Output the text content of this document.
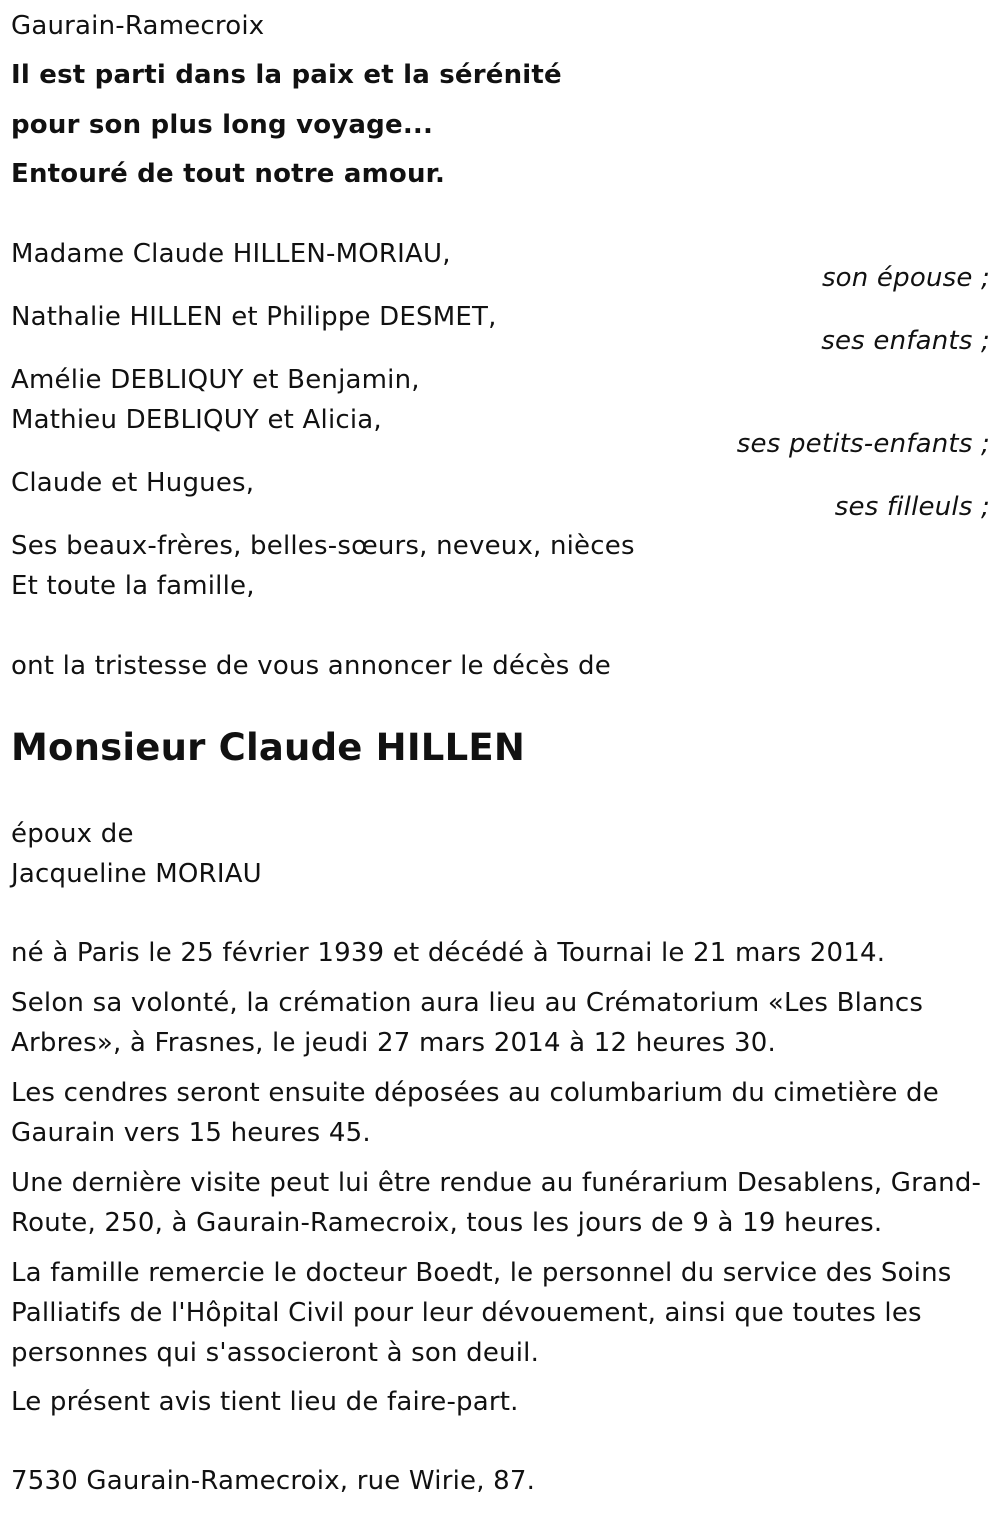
Gaurain-Ramecroix
Il est parti dans la paix et la sérénité
pour son plus long voyage...
Entouré de tout notre amour.
Madame Claude HILLEN-MORIAU,
son épouse ;
Nathalie HILLEN et Philippe DESMET,
ses enfants ;
Amélie DEBLIQUY et Benjamin,
Mathieu DEBLIQUY et Alicia,
ses petits-enfants ;
Claude et Hugues,
ses filleuls ;
Ses beaux-frères, belles-sœurs, neveux, nièces
Et toute la famille,
ont la tristesse de vous annoncer le décès de
Monsieur Claude HILLEN
époux de
Jacqueline MORIAU
né à Paris le 25 février 1939 et décédé à Tournai le 21 mars 2014.
Selon sa volonté, la crémation aura lieu au Crématorium «Les Blancs
Arbres», à Frasnes, le jeudi 27 mars 2014 à 12 heures 30.
Les cendres seront ensuite déposées au columbarium du cimetière de
Gaurain vers 15 heures 45.
Une dernière visite peut lui être rendue au funérarium Desablens, Grand-
Route, 250, à Gaurain-Ramecroix, tous les jours de 9 à 19 heures.
La famille remercie le docteur Boedt, le personnel du service des Soins
Palliatifs de l'Hôpital Civil pour leur dévouement, ainsi que toutes les
personnes qui s'associeront à son deuil.
Le présent avis tient lieu de faire-part.
7530 Gaurain-Ramecroix, rue Wirie, 87.
